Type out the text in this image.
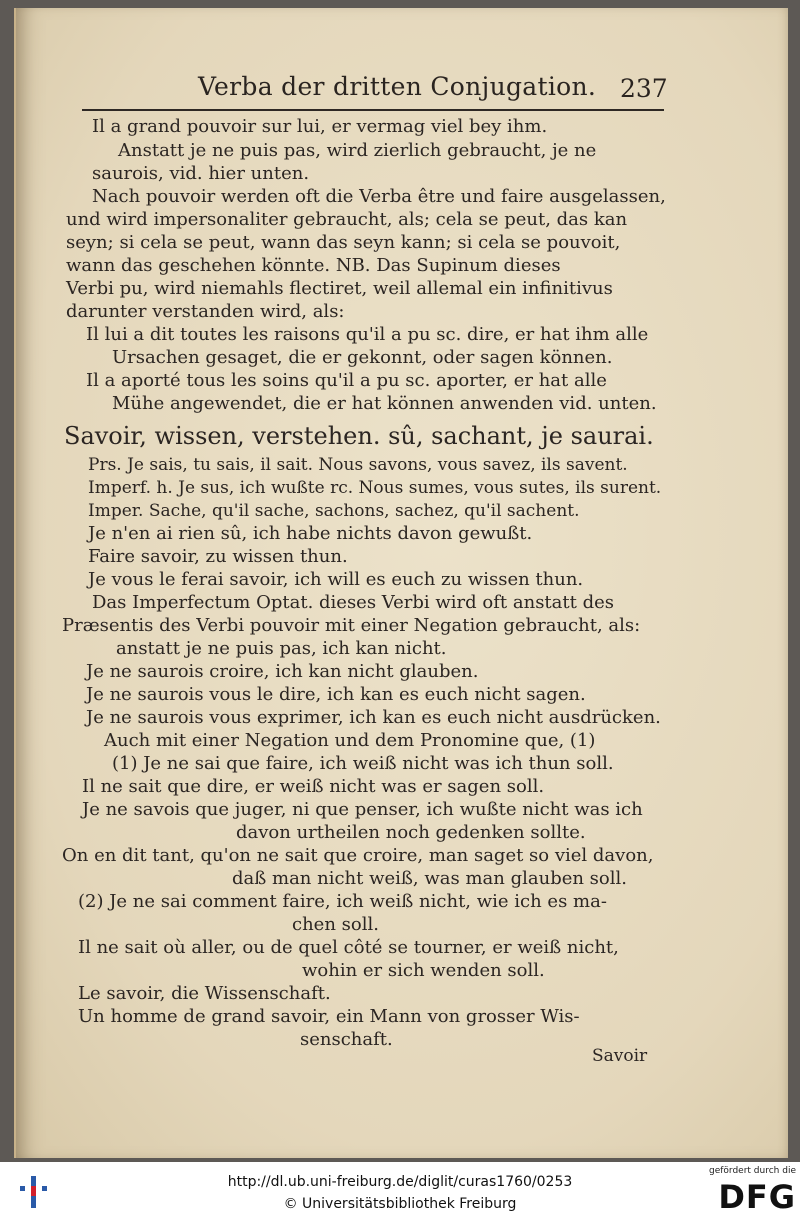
Verba der dritten Conjugation. 237
Il a grand pouvoir sur lui, er vermag viel bey ihm.
Anstatt je ne puis pas, wird zierlich gebraucht, je ne
saurois, vid. hier unten.
Nach pouvoir werden oft die Verba être und faire ausgelassen,
und wird impersonaliter gebraucht, als; cela se peut, das kan
seyn; si cela se peut, wann das seyn kann; si cela se pouvoit,
wann das geschehen könnte. NB. Das Supinum dieses
Verbi pu, wird niemahls flectiret, weil allemal ein infinitivus
darunter verstanden wird, als:
Il lui a dit toutes les raisons qu'il a pu sc. dire, er hat ihm alle
Ursachen gesaget, die er gekonnt, oder sagen können.
Il a aporté tous les soins qu'il a pu sc. aporter, er hat alle
Mühe angewendet, die er hat können anwenden vid. unten.
Savoir, wissen, verstehen. sû, sachant, je saurai.
Prs. Je sais, tu sais, il sait. Nous savons, vous savez, ils savent.
Imperf. h. Je sus, ich wußte rc. Nous sumes, vous sutes, ils surent.
Imper. Sache, qu'il sache, sachons, sachez, qu'il sachent.
Je n'en ai rien sû, ich habe nichts davon gewußt.
Faire savoir, zu wissen thun.
Je vous le ferai savoir, ich will es euch zu wissen thun.
Das Imperfectum Optat. dieses Verbi wird oft anstatt des
Præsentis des Verbi pouvoir mit einer Negation gebraucht, als:
anstatt je ne puis pas, ich kan nicht.
Je ne saurois croire, ich kan nicht glauben.
Je ne saurois vous le dire, ich kan es euch nicht sagen.
Je ne saurois vous exprimer, ich kan es euch nicht ausdrücken.
Auch mit einer Negation und dem Pronomine que, (1)
(1) Je ne sai que faire, ich weiß nicht was ich thun soll.
Il ne sait que dire, er weiß nicht was er sagen soll.
Je ne savois que juger, ni que penser, ich wußte nicht was ich
davon urtheilen noch gedenken sollte.
On en dit tant, qu'on ne sait que croire, man saget so viel davon,
daß man nicht weiß, was man glauben soll.
(2) Je ne sai comment faire, ich weiß nicht, wie ich es ma-
chen soll.
Il ne sait où aller, ou de quel côté se tourner, er weiß nicht,
wohin er sich wenden soll.
Le savoir, die Wissenschaft.
Un homme de grand savoir, ein Mann von grosser Wis-
senschaft.
Savoir
http://dl.ub.uni-freiburg.de/diglit/curas1760/0253
© Universitätsbibliothek Freiburg
gefördert durch die
DFG
